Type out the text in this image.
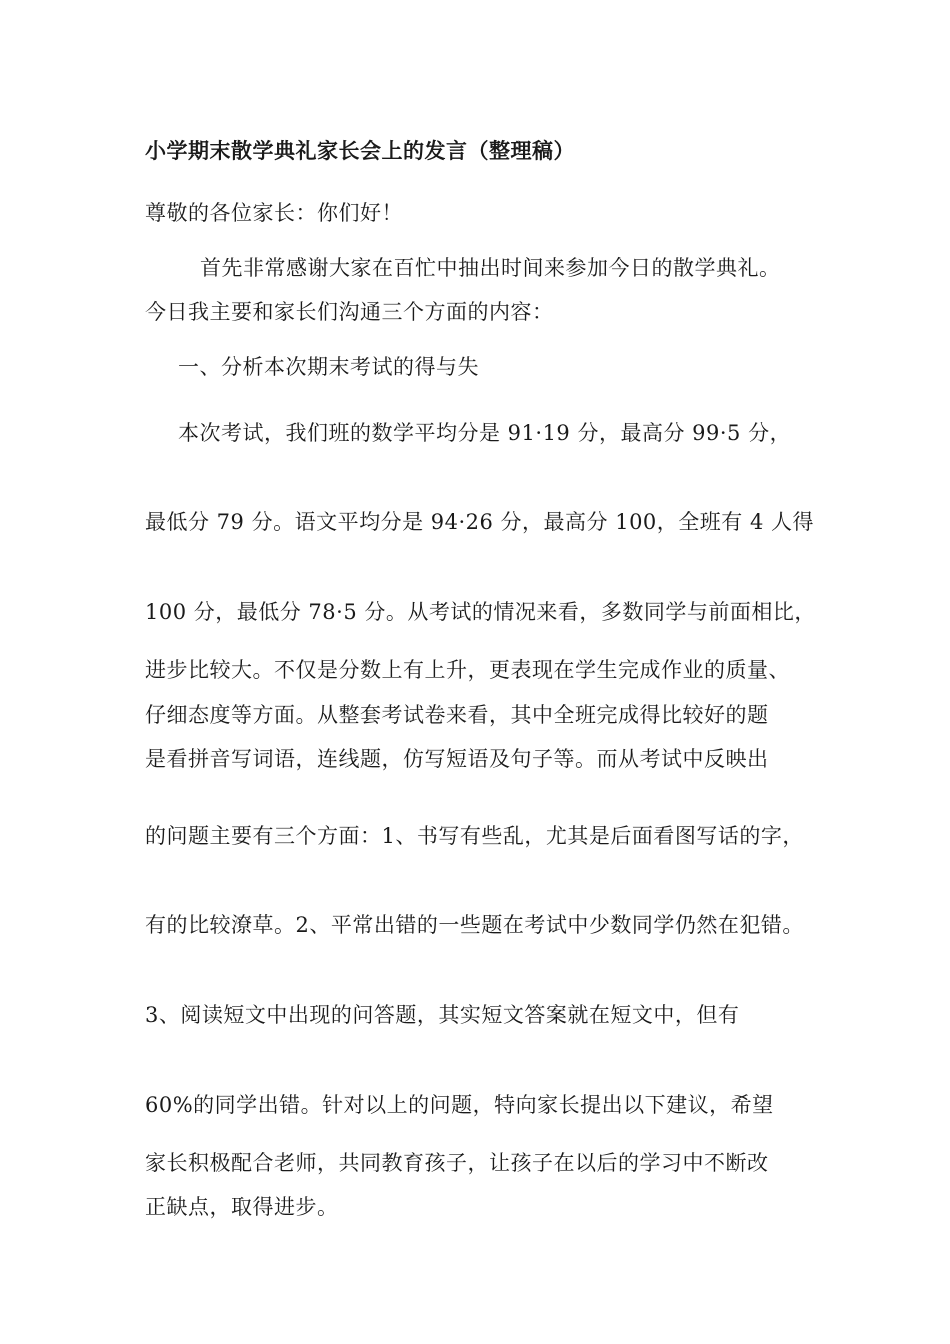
小学期末散学典礼家长会上的发言（整理稿）
尊敬的各位家长：你们好！
首先非常感谢大家在百忙中抽出时间来参加今日的散学典礼。
今日我主要和家长们沟通三个方面的内容：
一、分析本次期末考试的得与失
本次考试，我们班的数学平均分是 91·19 分，最高分 99·5 分，
最低分 79 分。语文平均分是 94·26 分，最高分 100，全班有 4 人得
100 分，最低分 78·5 分。从考试的情况来看，多数同学与前面相比，
进步比较大。不仅是分数上有上升，更表现在学生完成作业的质量、
仔细态度等方面。从整套考试卷来看，其中全班完成得比较好的题
是看拼音写词语，连线题，仿写短语及句子等。而从考试中反映出
的问题主要有三个方面：1、书写有些乱，尤其是后面看图写话的字，
有的比较潦草。2、平常出错的一些题在考试中少数同学仍然在犯错。
3、阅读短文中出现的问答题，其实短文答案就在短文中，但有
60%的同学出错。针对以上的问题，特向家长提出以下建议，希望
家长积极配合老师，共同教育孩子，让孩子在以后的学习中不断改
正缺点，取得进步。
